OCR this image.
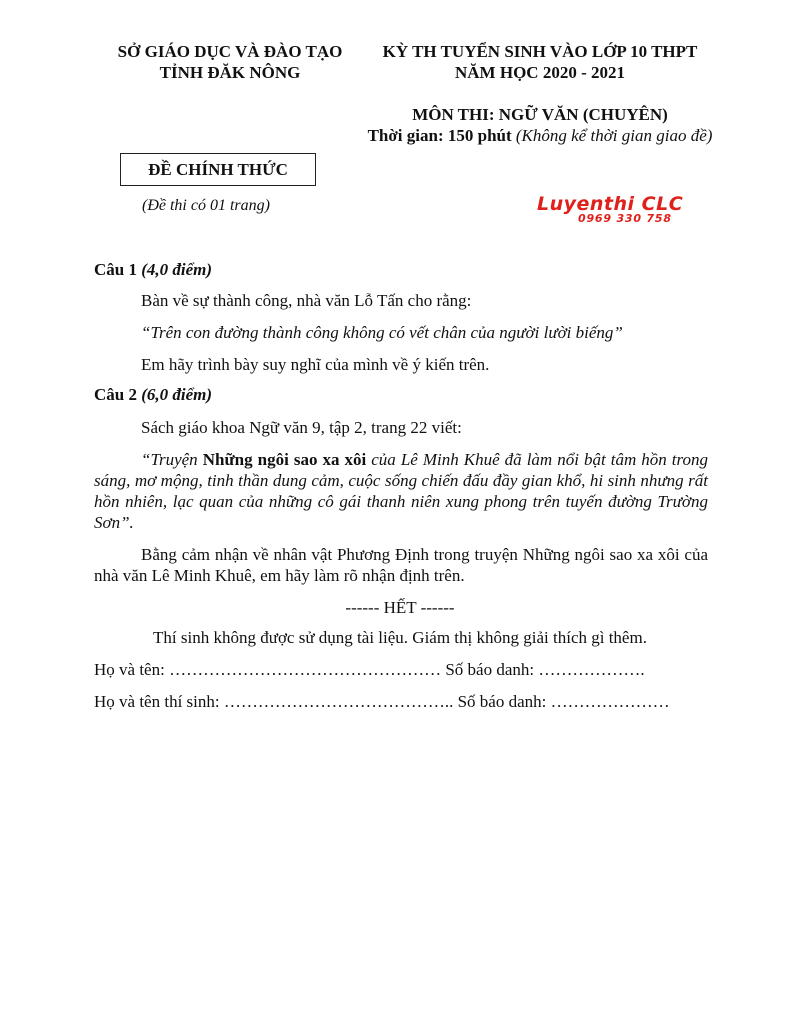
SỞ GIÁO DỤC VÀ ĐÀO TẠO
TỈNH ĐĂK NÔNG
KỲ TH TUYỂN SINH VÀO LỚP 10 THPT
NĂM HỌC 2020 - 2021
MÔN THI: NGỮ VĂN (CHUYÊN)
Thời gian: 150 phút (Không kể thời gian giao đề)
ĐỀ CHÍNH THỨC
(Đề thi có 01 trang)	Luyenthi CLC
0969 330 758
Câu 1 (4,0 điểm)
Bàn về sự thành công, nhà văn Lỗ Tấn cho rằng:
“Trên con đường thành công không có vết chân của người lười biếng”
Em hãy trình bày suy nghĩ của mình về ý kiến trên.
Câu 2 (6,0 điểm)
Sách giáo khoa Ngữ văn 9, tập 2, trang 22 viết:
“Truyện Những ngôi sao xa xôi của Lê Minh Khuê đã làm nổi bật tâm hồn trong sáng, mơ mộng, tinh thần dung cảm, cuộc sống chiến đấu đầy gian khổ, hi sinh nhưng rất hồn nhiên, lạc quan của những cô gái thanh niên xung phong trên tuyến đường Trường Sơn”.
Bằng cảm nhận về nhân vật Phương Định trong truyện Những ngôi sao xa xôi của nhà văn Lê Minh Khuê, em hãy làm rõ nhận định trên.
------ HẾT ------
Thí sinh không được sử dụng tài liệu. Giám thị không giải thích gì thêm.
Họ và tên: ………………………………………… Số báo danh: ……………….
Họ và tên thí sinh: ………………………………….. Số báo danh: …………………
